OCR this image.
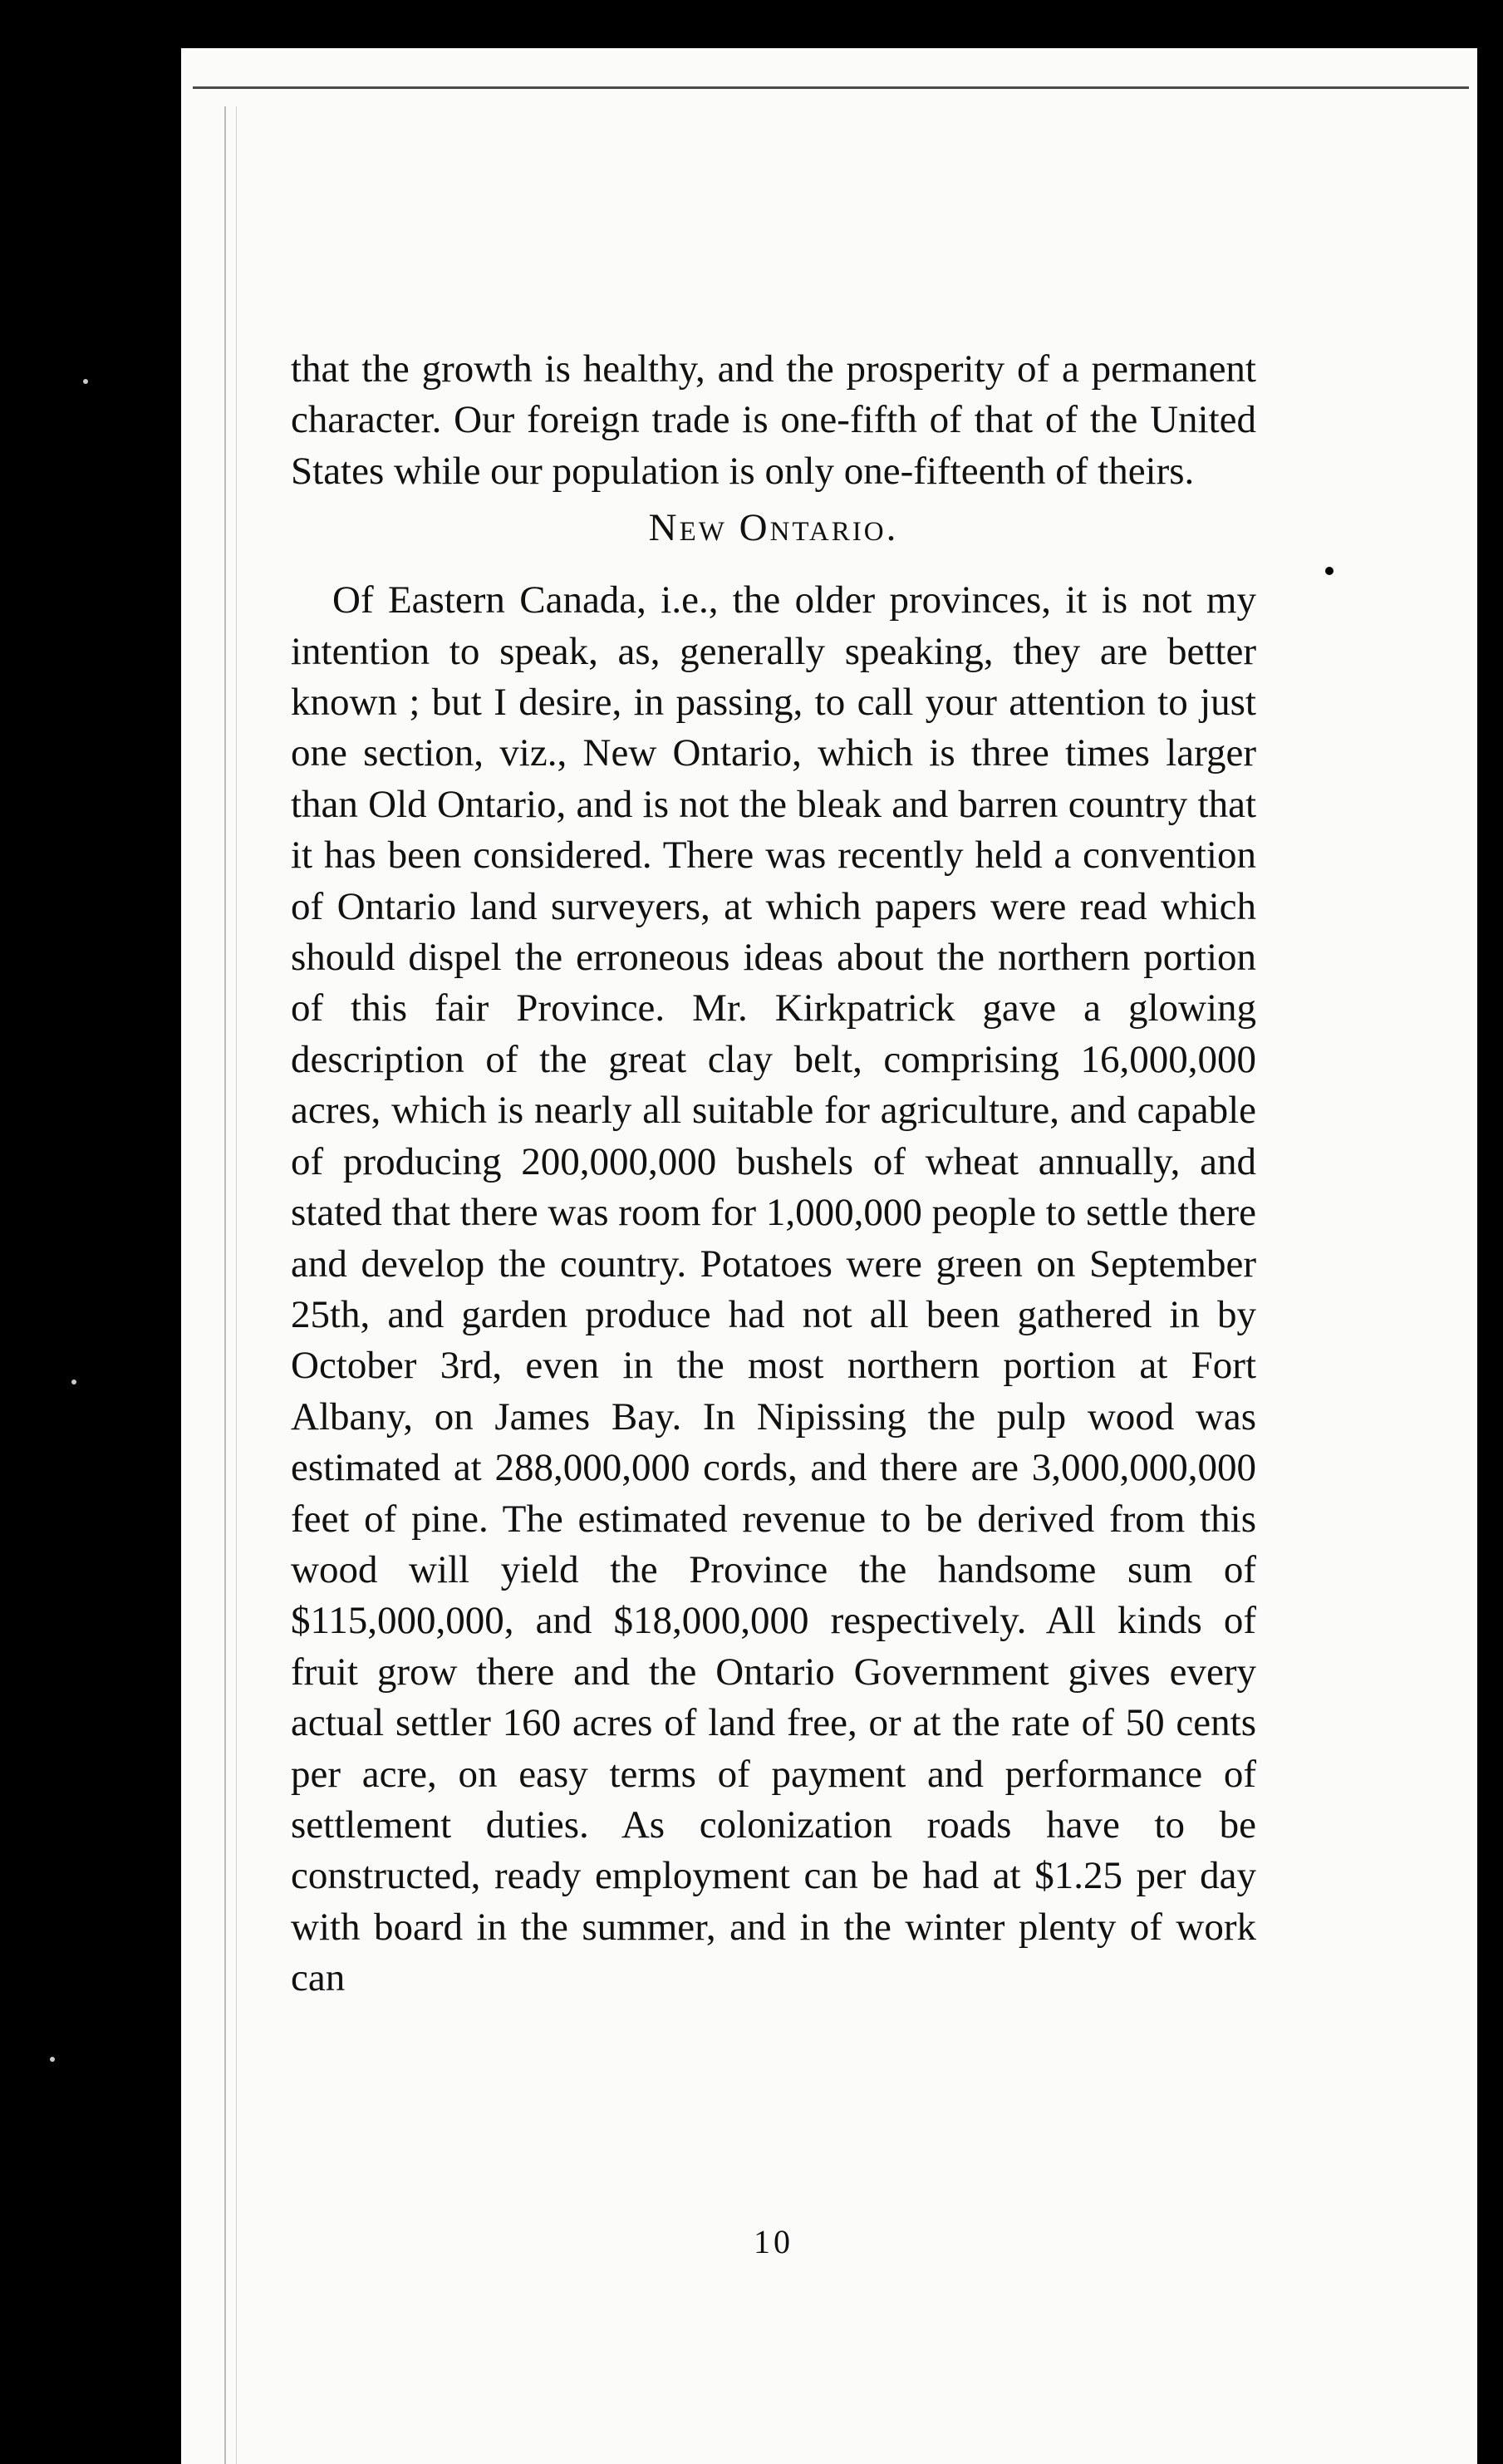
that the growth is healthy, and the prosperity of a permanent character. Our foreign trade is one-fifth of that of the United States while our population is only one-fifteenth of theirs.

New Ontario.

Of Eastern Canada, i.e., the older provinces, it is not my intention to speak, as, generally speaking, they are better known ; but I desire, in passing, to call your attention to just one section, viz., New Ontario, which is three times larger than Old Ontario, and is not the bleak and barren country that it has been considered. There was recently held a convention of Ontario land surveyers, at which papers were read which should dispel the erroneous ideas about the northern portion of this fair Province. Mr. Kirkpatrick gave a glowing description of the great clay belt, comprising 16,000,000 acres, which is nearly all suitable for agriculture, and capable of producing 200,000,000 bushels of wheat annually, and stated that there was room for 1,000,000 people to settle there and develop the country. Potatoes were green on September 25th, and garden produce had not all been gathered in by October 3rd, even in the most northern portion at Fort Albany, on James Bay. In Nipissing the pulp wood was estimated at 288,000,000 cords, and there are 3,000,000,000 feet of pine. The estimated revenue to be derived from this wood will yield the Province the handsome sum of $115,000,000, and $18,000,000 respectively. All kinds of fruit grow there and the Ontario Government gives every actual settler 160 acres of land free, or at the rate of 50 cents per acre, on easy terms of payment and performance of settlement duties. As colonization roads have to be constructed, ready employment can be had at $1.25 per day with board in the summer, and in the winter plenty of work can

10
